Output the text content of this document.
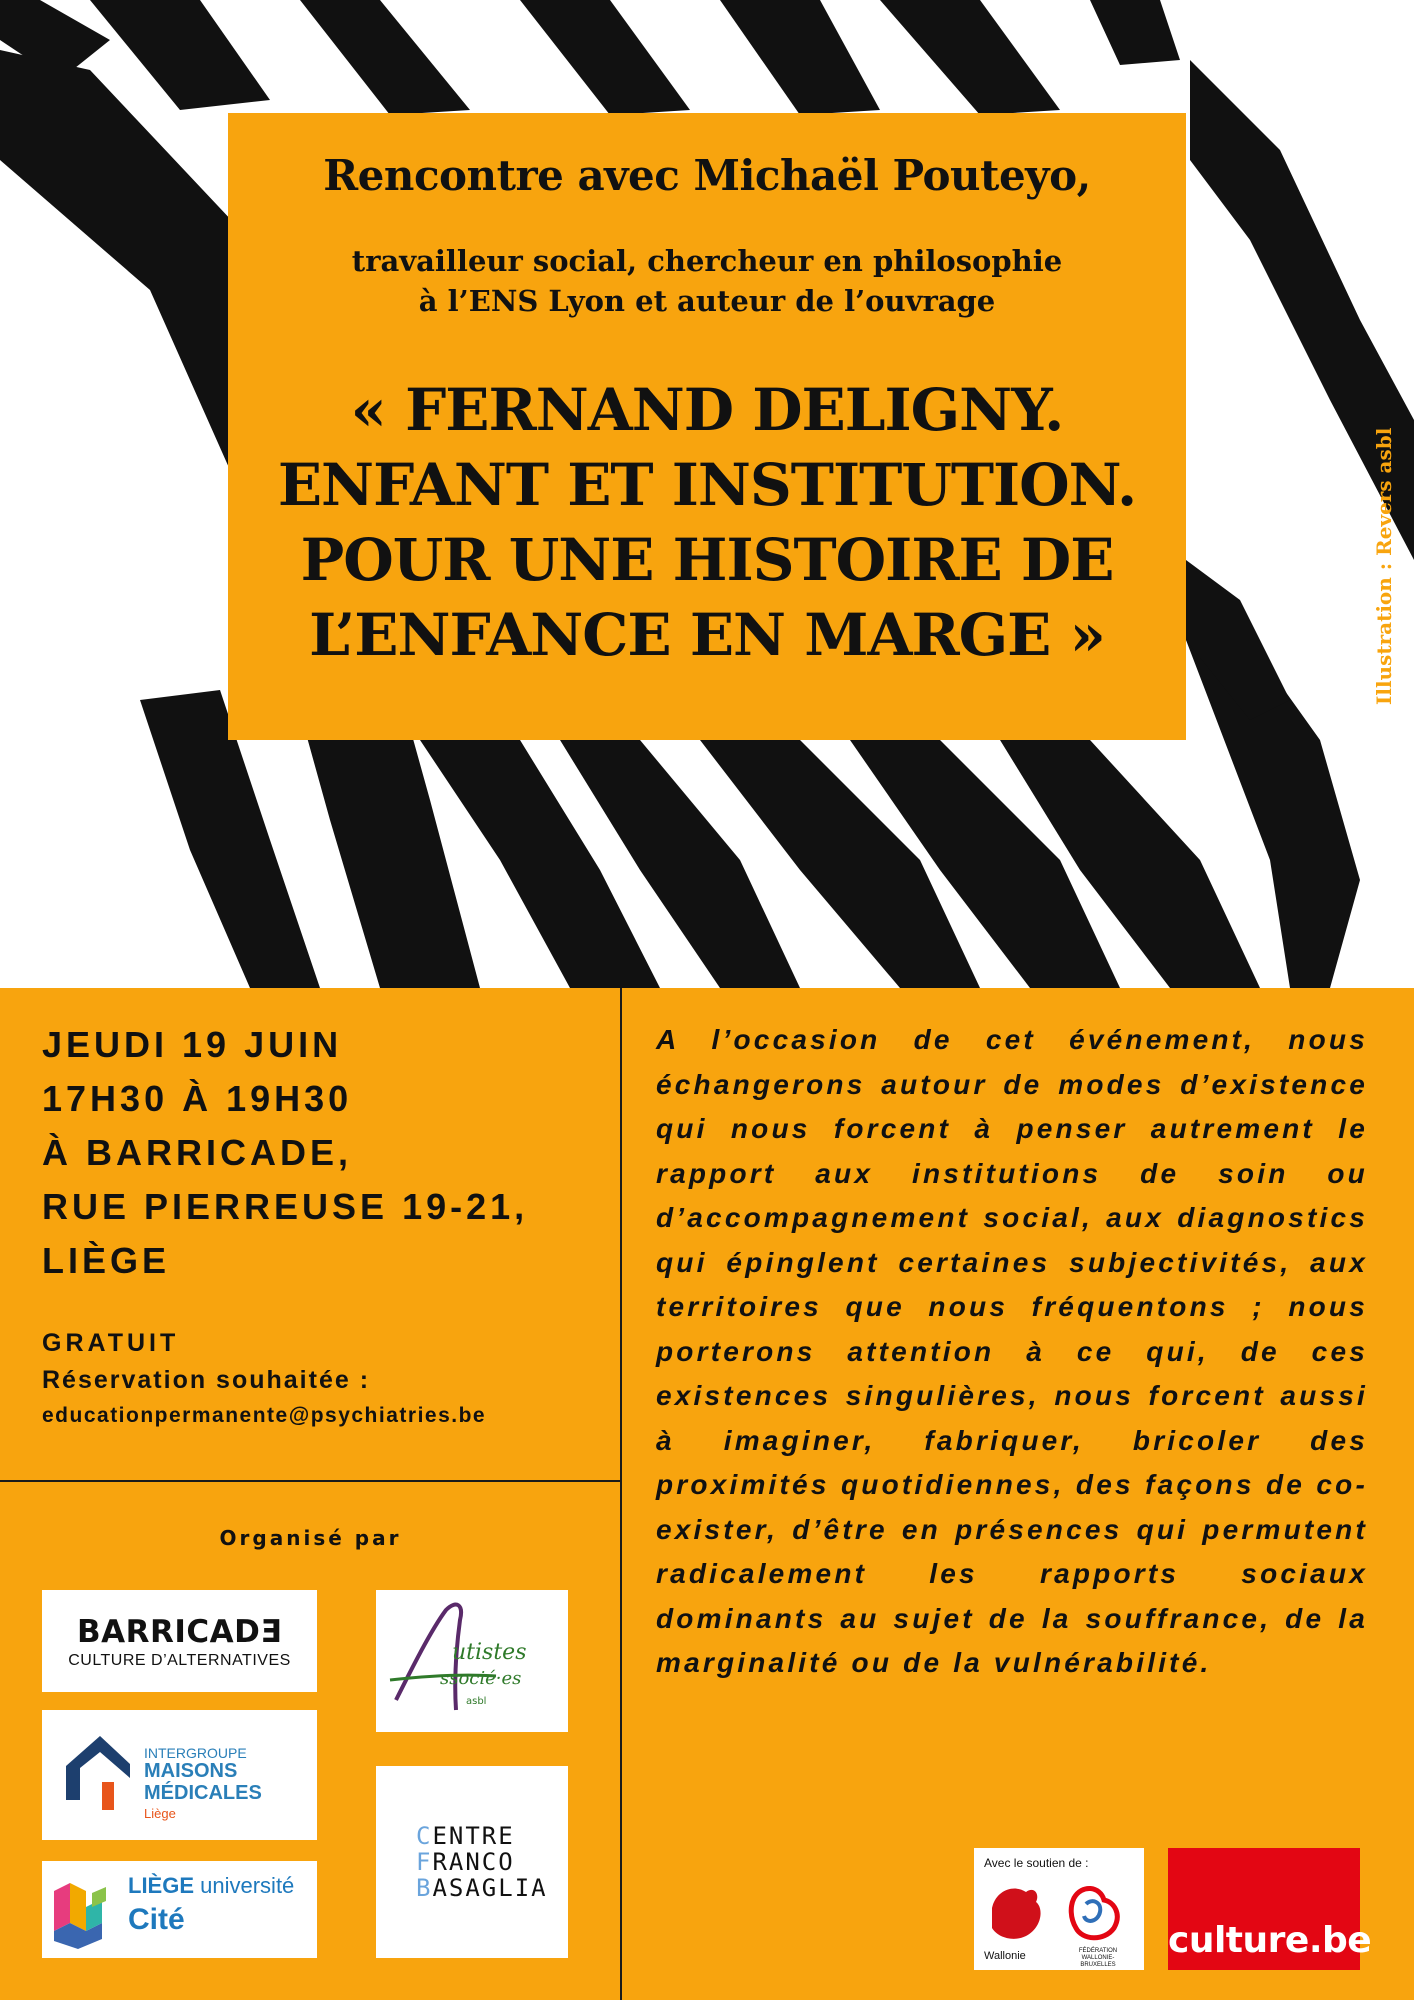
Rencontre avec Michaël Pouteyo,
travailleur social, chercheur en philosophie
à l’ENS Lyon et auteur de l’ouvrage
« FERNAND DELIGNY.
ENFANT ET INSTITUTION.
POUR UNE HISTOIRE DE
L’ENFANCE EN MARGE »	Illustration : Revers asbl
JEUDI 19 JUIN
17H30 À 19H30
À BARRICADE,
RUE PIERREUSE 19-21,
LIÈGE
GRATUIT
Réservation souhaitée :
educationpermanente@psychiatries.be
Organisé par
BARRICADƎ
CULTURE D’ALTERNATIVES	utistes
ssocié·es
asbl
INTERGROUPE
MAISONS
MÉDICALES
Liège
LIÈGE université
Cité
CENTRE
FRANCO
BASAGLIA
A l’occasion de cet événement, nous échangerons autour de modes d’existence qui nous forcent à penser autrement le rapport aux institutions de soin ou d’accompagnement social, aux diagnostics qui épinglent certaines subjectivités, aux territoires que nous fréquentons ; nous porterons attention à ce qui, de ces existences singulières, nous forcent aussi à imaginer, fabriquer, bricoler des proximités quotidiennes, des façons de co-exister, d’être en présences qui permutent radicalement les rapports sociaux dominants au sujet de la souffrance, de la marginalité ou de la vulnérabilité.
Avec le soutien de :
Wallonie	FÉDÉRATION
WALLONIE-BRUXELLES
culture.be
